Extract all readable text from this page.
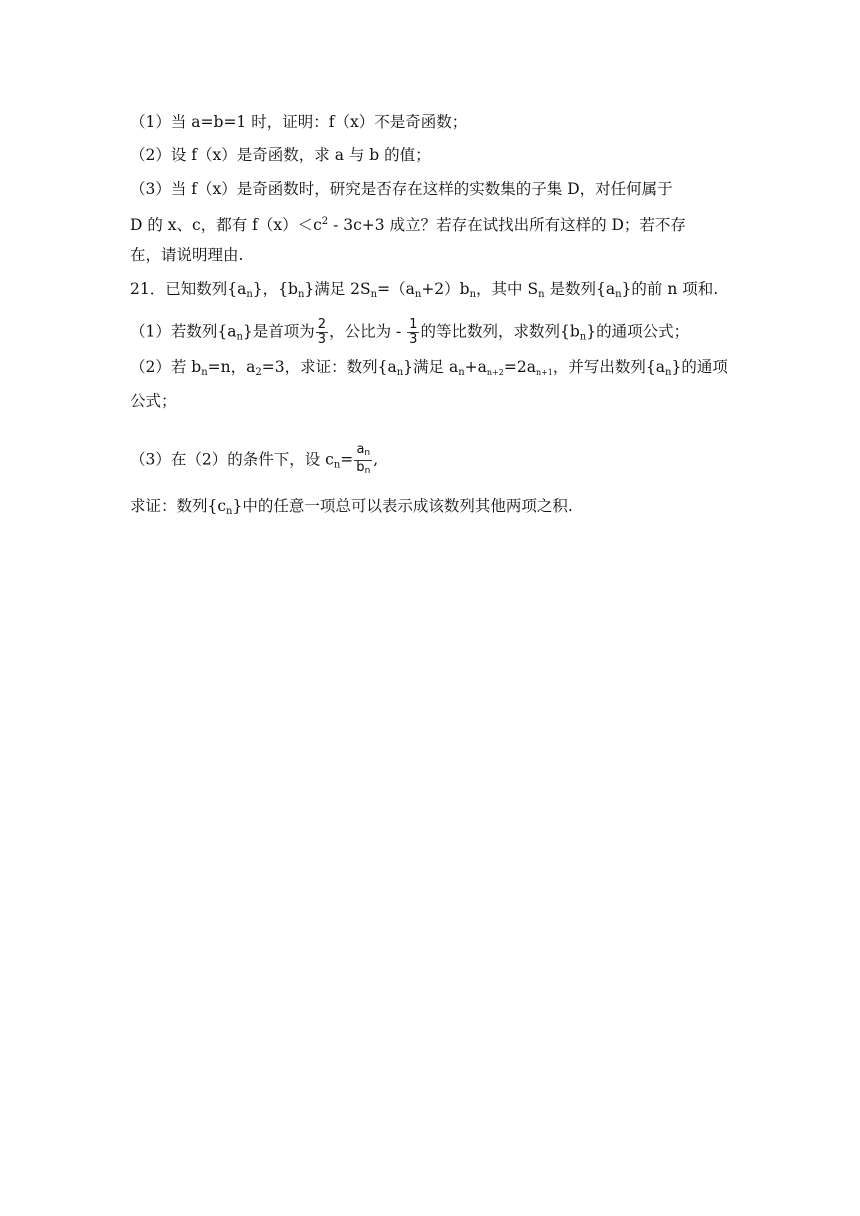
（1）当 a=b=1 时，证明：f（x）不是奇函数；
（2）设 f（x）是奇函数，求 a 与 b 的值；
（3）当 f（x）是奇函数时，研究是否存在这样的实数集的子集 D，对任何属于
D 的 x、c，都有 $f(x)<c^2 - 3c+3$ 成立？若存在试找出所有这样的 D；若不存
在，请说明理由.
21．已知数列$\{a_n\}$，$\{b_n\}$满足 $2S_n=(a_n+2)b_n$，其中 $S_n$ 是数列$\{a_n\}$的前 n 项和.
（1）若数列$\{a_n\}$是首项为 $\frac{2}{3}$ ，公比为 - $\frac{1}{3}$ 的等比数列，求数列$\{b_n\}$的通项公式；
（2）若 $b_n=n$，$a_2=3$，求证：数列$\{a_n\}$满足 $a_n+an+2=2an+1$，并写出数列$\{a_n\}$的通项
公式；
（3）在（2）的条件下，设 $c_n= \frac{an}{bn}$ ,
求证：数列$\{c_n\}$中的任意一项总可以表示成该数列其他两项之积.
